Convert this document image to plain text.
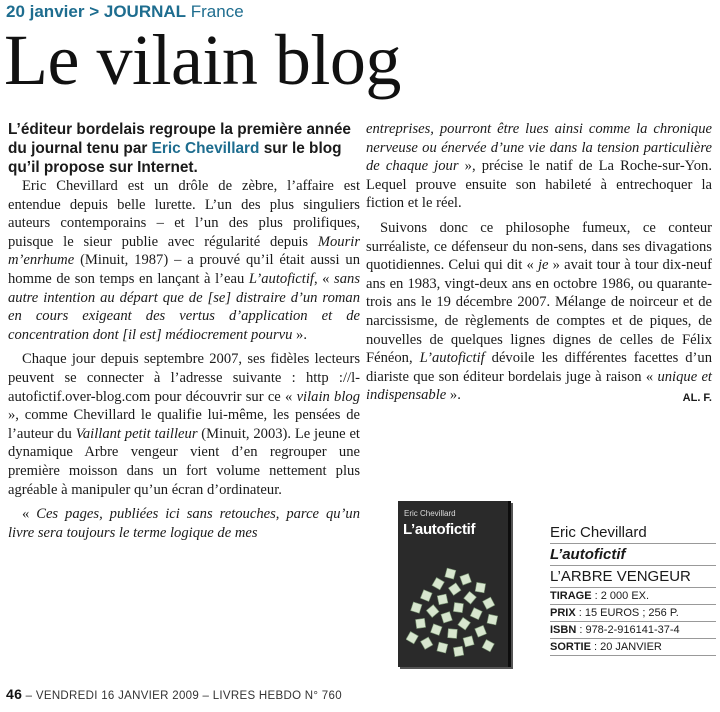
20 janvier > JOURNAL France
Le vilain blog

L’éditeur bordelais regroupe la première année du journal tenu par Eric Chevillard sur le blog qu’il propose sur Internet.

Eric Chevillard est un drôle de zèbre, l’affaire est entendue depuis belle lurette. L’un des plus singuliers auteurs contemporains – et l’un des plus prolifiques, puisque le sieur publie avec régularité depuis Mourir m’enrhume (Minuit, 1987) – a prouvé qu’il était aussi un homme de son temps en lançant à l’eau L’autofictif, « sans autre intention au départ que de [se] distraire d’un roman en cours exigeant des vertus d’application et de concentration dont [il est] médiocrement pourvu ».

Chaque jour depuis septembre 2007, ses fidèles lecteurs peuvent se connecter à l’adresse suivante : http ://l-autofictif.over-blog.com pour découvrir sur ce « vilain blog », comme Chevillard le qualifie lui-même, les pensées de l’auteur du Vaillant petit tailleur (Minuit, 2003). Le jeune et dynamique Arbre vengeur vient d’en regrouper une première moisson dans un fort volume nettement plus agréable à manipuler qu’un écran d’ordinateur.

« Ces pages, publiées ici sans retouches, parce qu’un livre sera toujours le terme logique de mes

entreprises, pourront être lues ainsi comme la chronique nerveuse ou énervée d’une vie dans la tension particulière de chaque jour », précise le natif de La Roche-sur-Yon. Lequel prouve ensuite son habileté à entrechoquer la fiction et le réel.

Suivons donc ce philosophe fumeux, ce conteur surréaliste, ce défenseur du non-sens, dans ses divagations quotidiennes. Celui qui dit « je » avait tour à tour dix-neuf ans en 1983, vingt-deux ans en octobre 1986, ou quarante-trois ans le 19 décembre 2007. Mélange de noirceur et de narcissisme, de règlements de comptes et de piques, de nouvelles de quelques lignes dignes de celles de Félix Fénéon, L’autofictif dévoile les différentes facettes d’un diariste que son éditeur bordelais juge à raison « unique et indispensable ».	AL. F.

Eric Chevillard
L’autofictif	Eric Chevillard
L’autofictif
L’ARBRE VENGEUR
TIRAGE : 2 000 EX.
PRIX : 15 EUROS ; 256 P.
ISBN : 978-2-916141-37-4
SORTIE : 20 JANVIER
46 – VENDREDI 16 JANVIER 2009 – LIVRES HEBDO N° 760
